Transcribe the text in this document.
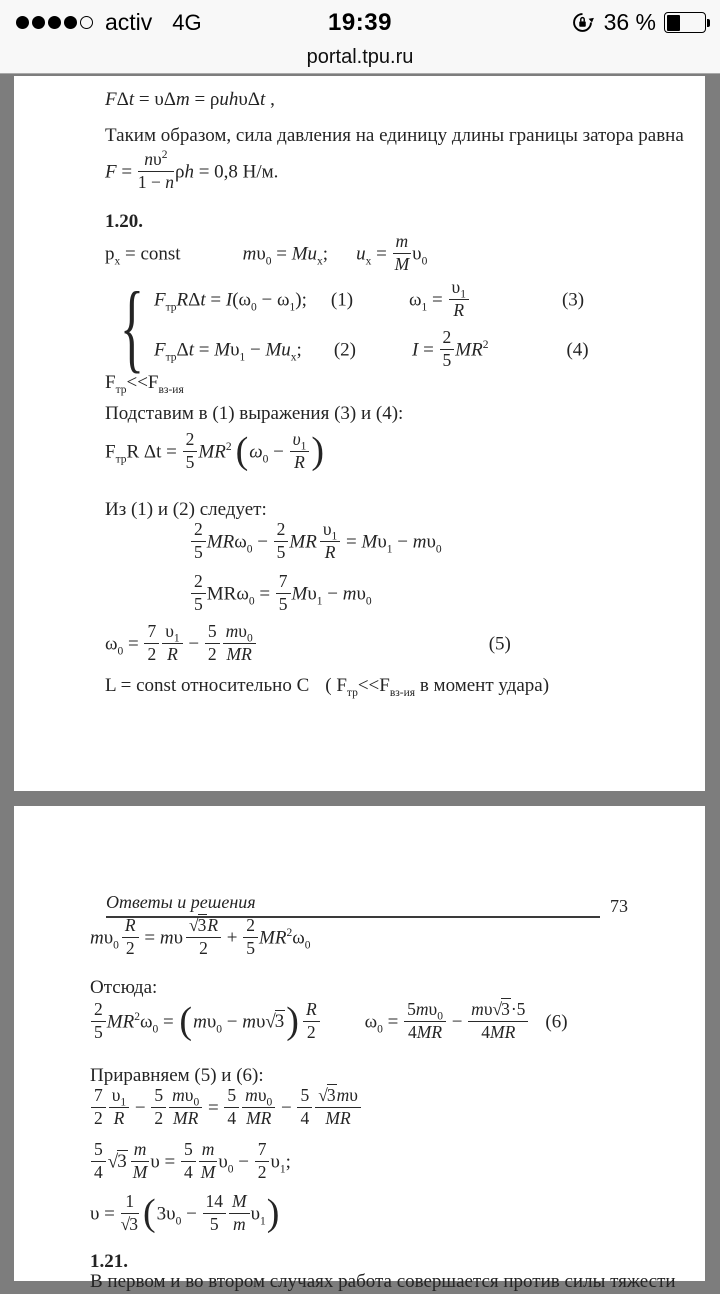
activ 4G	19:39	36 %
portal.tpu.ru
FΔt = υΔm = ρuhυΔt ,
Таким образом, сила давления на единицу длины границы затора равна
$F = \frac{n\upsilon^2}{1 - n}$ ρh = 0,8 Н/м.
1.20.
$p_x$ = const	$m\upsilon_0 = Mu_x$; $u_x = \frac{m}{M} \upsilon_0$
{ $F_{тр}R\Delta t = I(\omega_0 - \omega_1)$; (1)	$\omega_1 = \frac{\upsilon_1}{R}$	(3)
$F_{тр}\Delta t = M\upsilon_1 - Mu_x$; (2)	$I = \frac{2}{5} MR^2$	(4)
$F_{тр}<<F_{вз-ия}$
Подставим в (1) выражения (3) и (4):
$F_{тр}R$ $\Delta t = \frac{2}{5} MR^2$ ($\omega_0 - \frac{\upsilon_1}{R}$ )
Из (1) и (2) следует:
$\frac{2}{5} MR\omega_0 - \frac{2}{5}$ MR $\frac{\upsilon_1}{R} = M\upsilon_1 - m\upsilon_0$
$\frac{2}{5} MR\omega_0 = \frac{7}{5} M\upsilon_1 - m\upsilon_0$
$\omega_0 = \frac{7}{2} \frac{\upsilon_1}{R} - \frac{5}{2} \frac{m\upsilon_0}{MR}$	(5)
L = const относительно C ( $F_{тр}<<F_{вз-ия}$ в момент удара)
Ответы и решения	73
$m\upsilon_0 \frac{R}{2} = m\upsilon \frac{√3R}{2} + \frac{2}{5} MR^2\omega_0$
Отсюда:
$\frac{2}{5} MR^2\omega_0 = (m\upsilon_0 - m\upsilon√3) \frac{R}{2} \omega_0 = \frac{5m\upsilon_0}{4MR} - \frac{m\upsilon√3\cdot 5}{4MR} (6)$
Приравняем (5) и (6):
$\frac{7}{2} \frac{\upsilon_1}{R} - \frac{5}{2} \frac{m\upsilon_0}{MR} = \frac{5}{4} \frac{m\upsilon_0}{MR} - \frac{5}{4} \frac{√3m\upsilon}{MR}$
$\frac{5}{4} √3 \frac{m}{M}$ $\upsilon = \frac{5}{4} \frac{m}{M} \upsilon_0 - \frac{7}{2} \upsilon_1$;
$\upsilon = \frac{1}{√3} (3\upsilon_0 - \frac{14}{5} \frac{M}{m} \upsilon_1)$
1.21.
В первом и во втором случаях работа совершается против силы тяжести
